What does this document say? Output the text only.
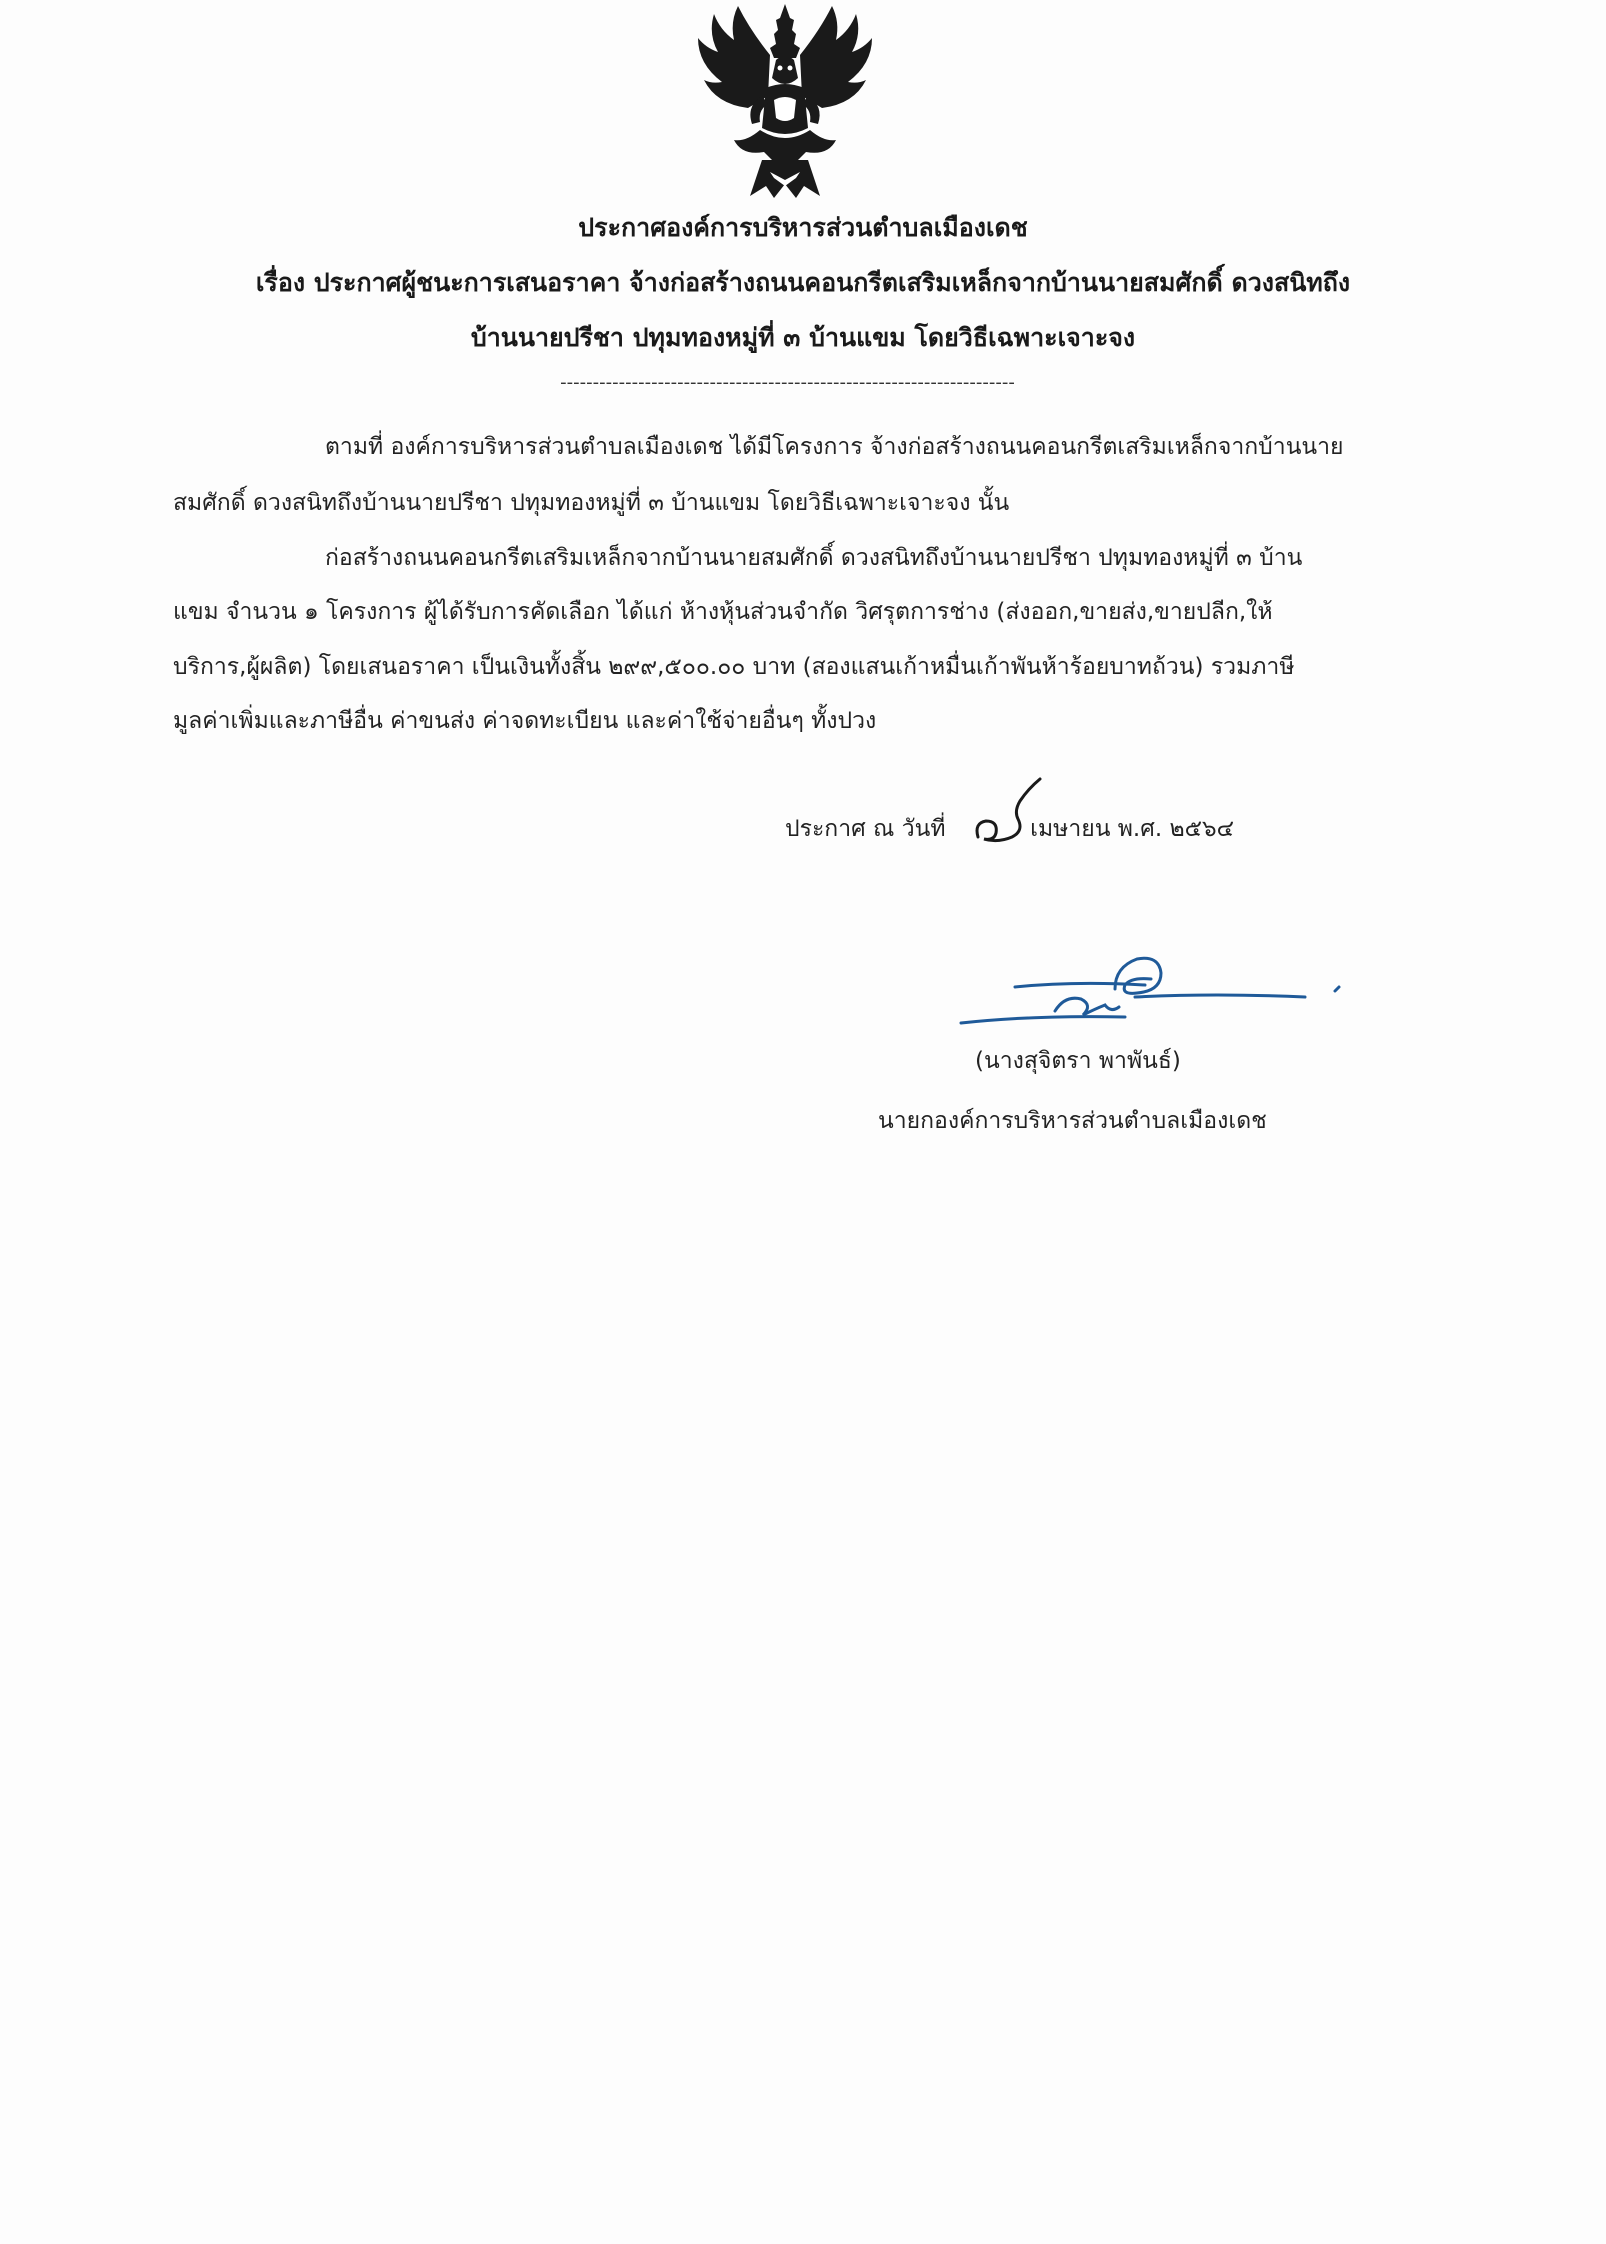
ประกาศองค์การบริหารส่วนตำบลเมืองเดช
เรื่อง ประกาศผู้ชนะการเสนอราคา จ้างก่อสร้างถนนคอนกรีตเสริมเหล็กจากบ้านนายสมศักดิ์ ดวงสนิทถึง
บ้านนายปรีชา ปทุมทองหมู่ที่ ๓ บ้านแขม โดยวิธีเฉพาะเจาะจง
----------------------------------------------------------------------
ตามที่ องค์การบริหารส่วนตำบลเมืองเดช ได้มีโครงการ จ้างก่อสร้างถนนคอนกรีตเสริมเหล็กจากบ้านนาย
สมศักดิ์ ดวงสนิทถึงบ้านนายปรีชา ปทุมทองหมู่ที่ ๓ บ้านแขม โดยวิธีเฉพาะเจาะจง นั้น
ก่อสร้างถนนคอนกรีตเสริมเหล็กจากบ้านนายสมศักดิ์ ดวงสนิทถึงบ้านนายปรีชา ปทุมทองหมู่ที่ ๓ บ้าน
แขม จำนวน ๑ โครงการ ผู้ได้รับการคัดเลือก ได้แก่ ห้างหุ้นส่วนจำกัด วิศรุตการช่าง (ส่งออก,ขายส่ง,ขายปลีก,ให้
บริการ,ผู้ผลิต) โดยเสนอราคา เป็นเงินทั้งสิ้น ๒๙๙,๕๐๐.๐๐ บาท (สองแสนเก้าหมื่นเก้าพันห้าร้อยบาทถ้วน) รวมภาษี
มูลค่าเพิ่มและภาษีอื่น ค่าขนส่ง ค่าจดทะเบียน และค่าใช้จ่ายอื่นๆ ทั้งปวง
ประกาศ ณ วันที่	เมษายน พ.ศ. ๒๕๖๔
(นางสุจิตรา พาพันธ์)
นายกองค์การบริหารส่วนตำบลเมืองเดช
